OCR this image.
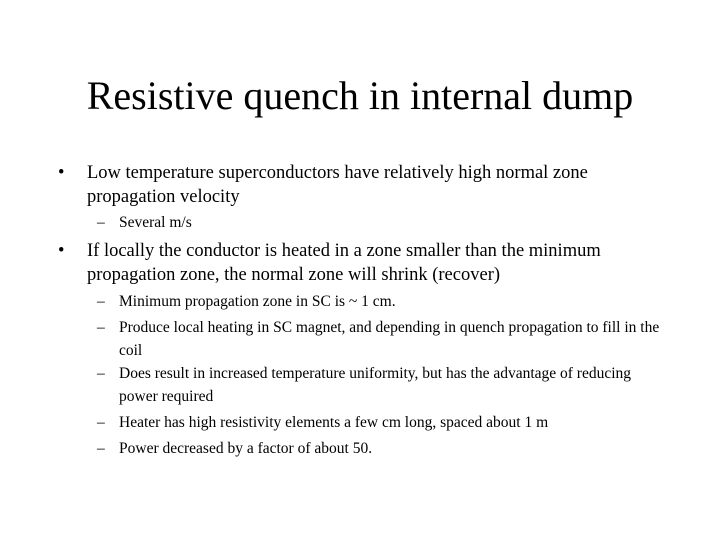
Resistive quench in internal dump
• Low temperature superconductors have relatively high normal zone propagation velocity
– Several m/s
• If locally the conductor is heated in a zone smaller than the minimum propagation zone, the normal zone will shrink (recover)
– Minimum propagation zone in SC is ~ 1 cm.
– Produce local heating in SC magnet, and depending in quench propagation to fill in the coil
– Does result in increased temperature uniformity, but has the advantage of reducing power required
– Heater has high resistivity elements a few cm long, spaced about 1 m
– Power decreased by a factor of about 50.
